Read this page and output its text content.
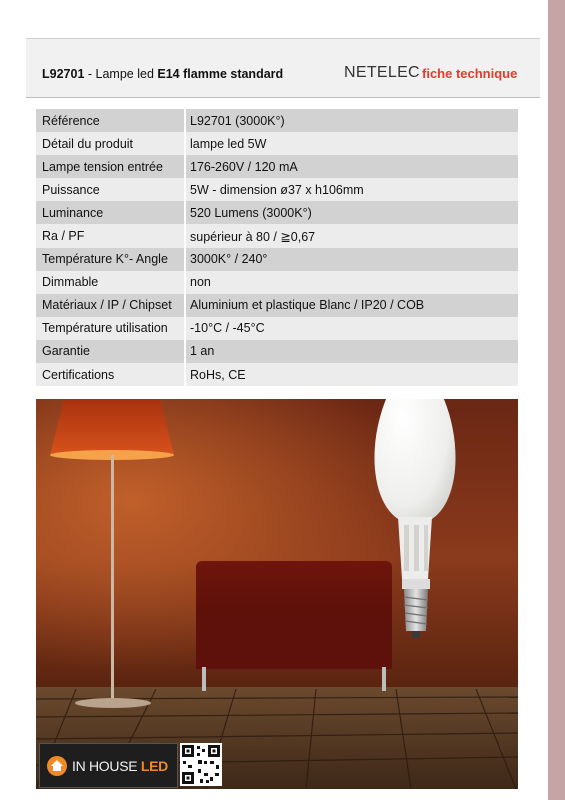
L92701 - Lampe led E14 flamme standard	NETELEC fiche technique
Référence	L92701 (3000K°)
Détail du produit	lampe led 5W
Lampe tension entrée	176-260V / 120 mA
Puissance	5W - dimension ø37 x h106mm
Luminance	520 Lumens (3000K°)
Ra / PF	supérieur à 80 / ≧0,67
Température K°- Angle	3000K° / 240°
Dimmable	non
Matériaux / IP / Chipset	Aluminium et plastique Blanc / IP20 / COB
Température utilisation	-10°C / -45°C
Garantie	1 an
Certifications	RoHs, CE
IN HOUSE LED
